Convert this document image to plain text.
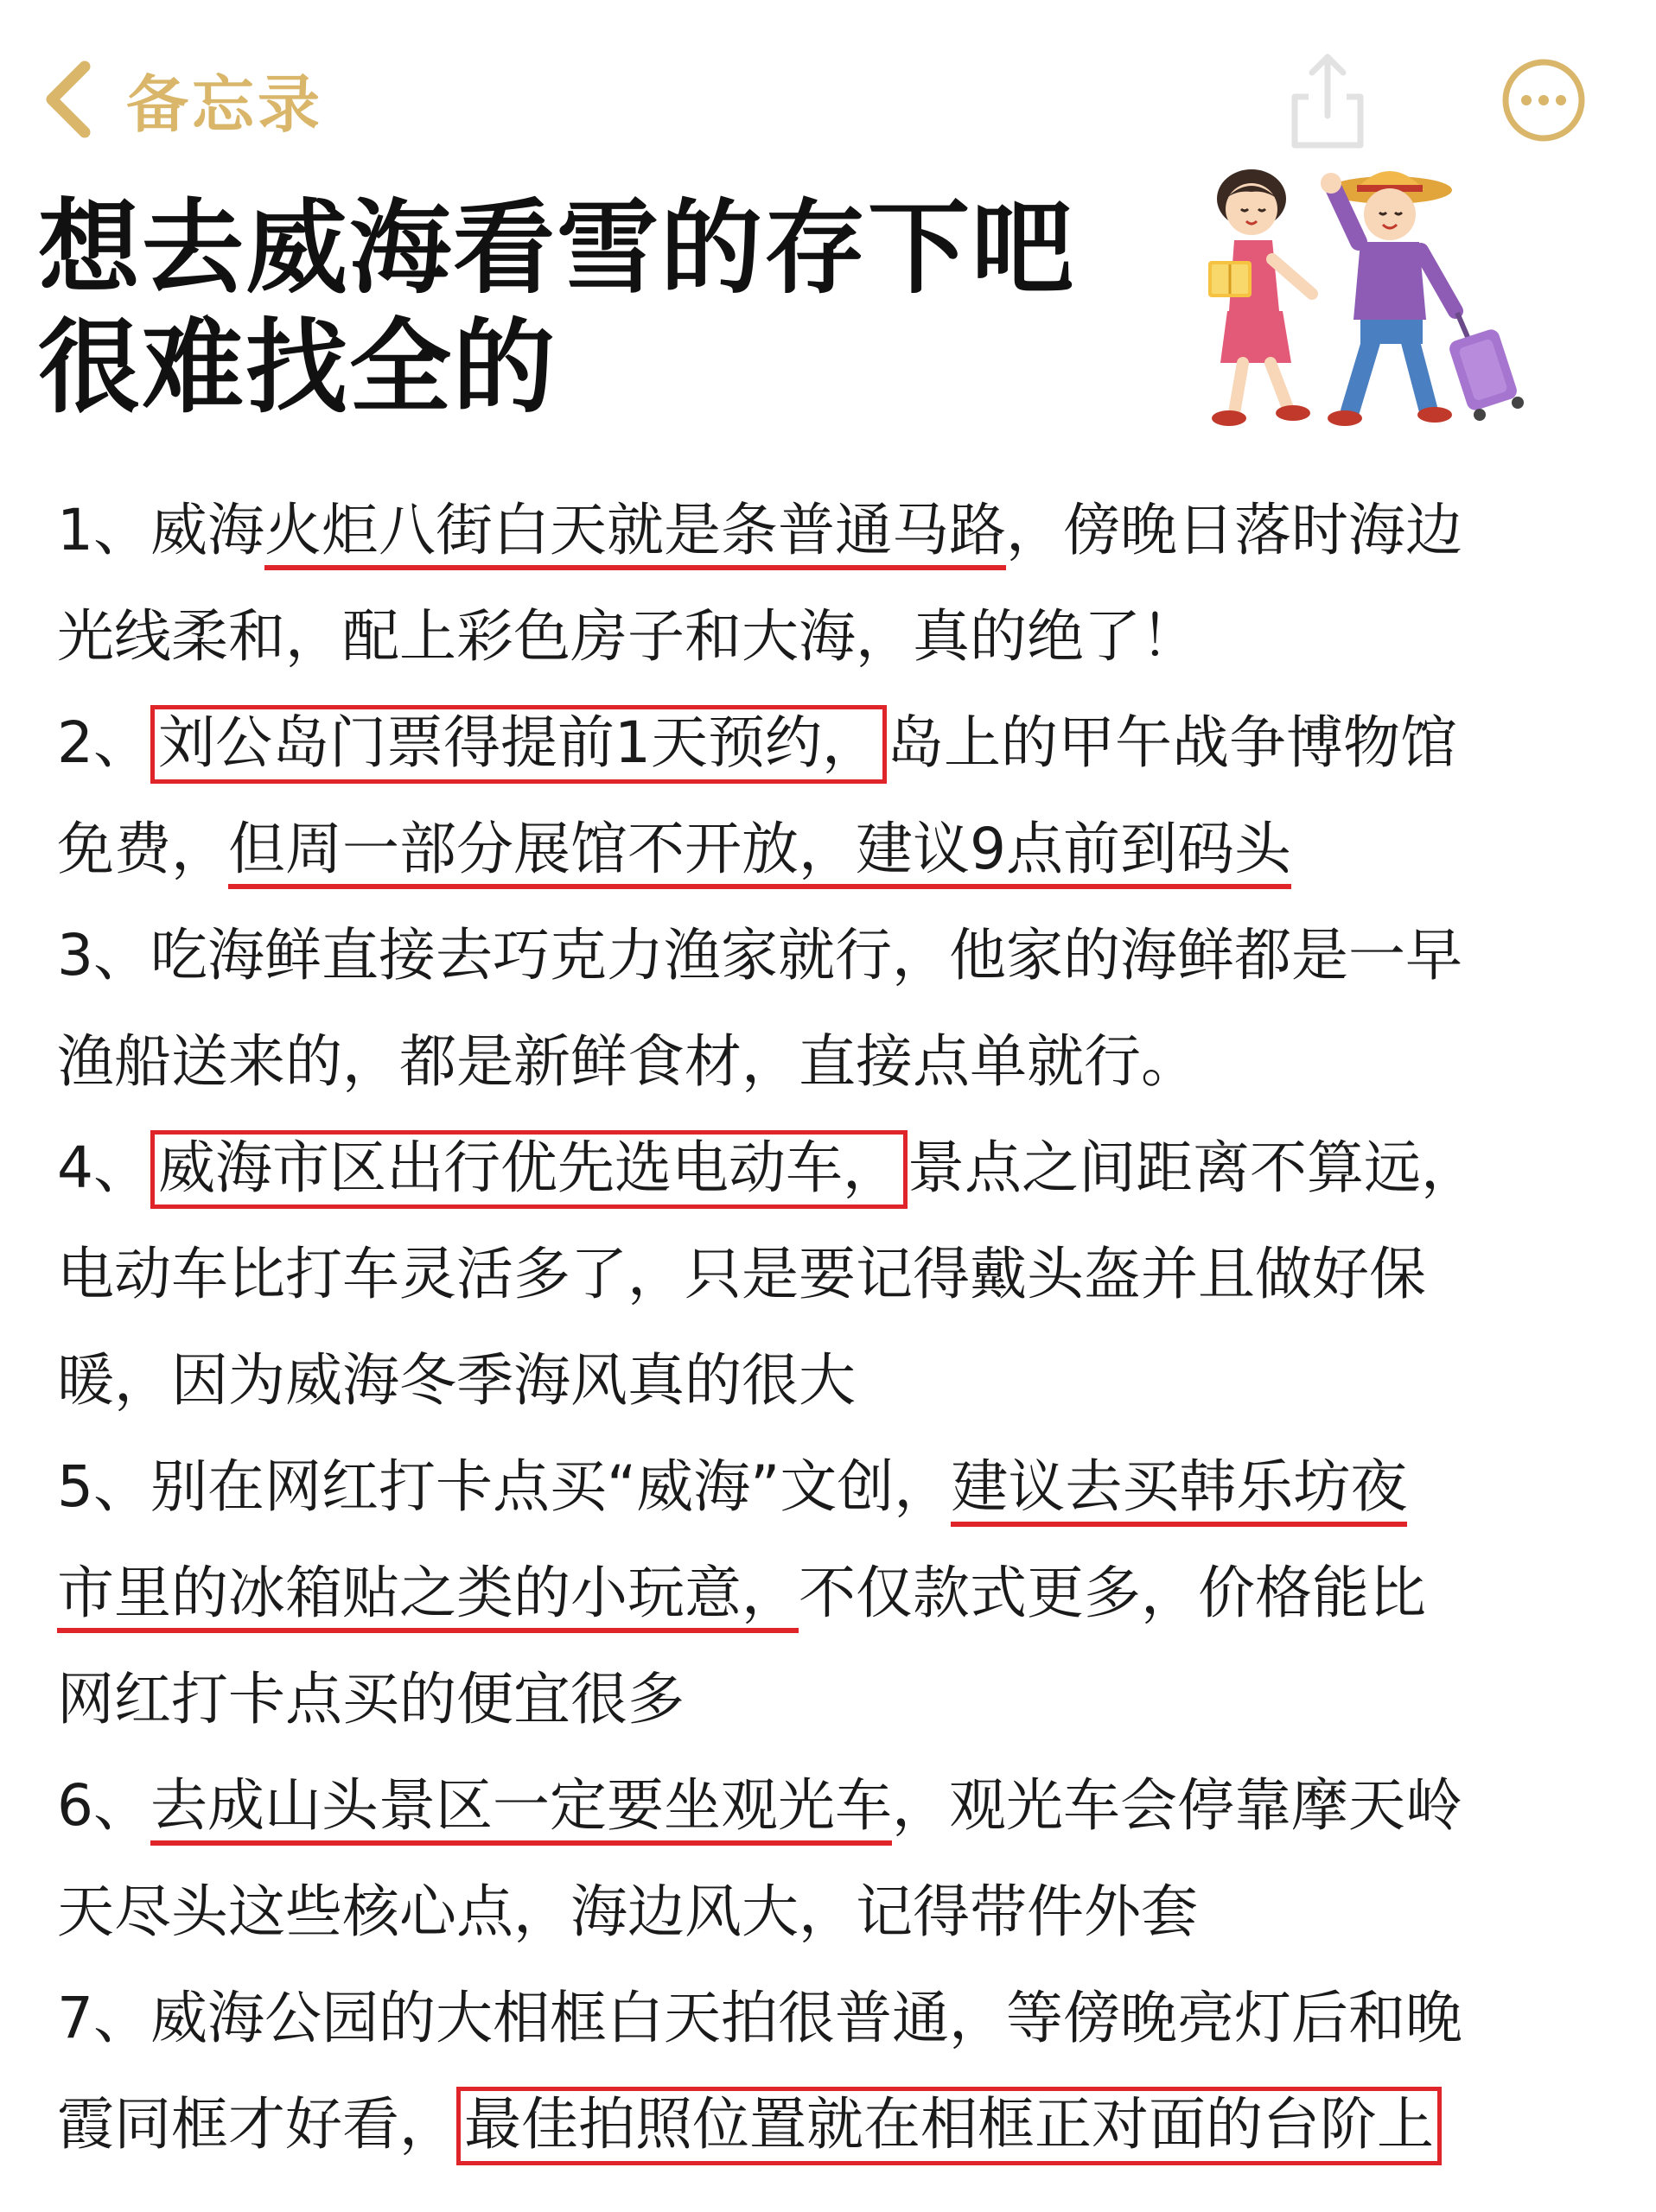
备忘录
想去威海看雪的存下吧
很难找全的
1、威海火炬八街白天就是条普通马路，傍晚日落时海边
光线柔和，配上彩色房子和大海，真的绝了！
2、 刘公岛门票得提前1天预约， 岛上的甲午战争博物馆
免费，但周一部分展馆不开放，建议9点前到码头
3、吃海鲜直接去巧克力渔家就行，他家的海鲜都是一早
渔船送来的，都是新鲜食材，直接点单就行。
4、 威海市区出行优先选电动车， 景点之间距离不算远，
电动车比打车灵活多了，只是要记得戴头盔并且做好保
暖，因为威海冬季海风真的很大
5、别在网红打卡点买“威海”文创，建议去买韩乐坊夜
市里的冰箱贴之类的小玩意，不仅款式更多，价格能比
网红打卡点买的便宜很多
6、去成山头景区一定要坐观光车，观光车会停靠摩天岭
天尽头这些核心点，海边风大，记得带件外套
7、威海公园的大相框白天拍很普通，等傍晚亮灯后和晚
霞同框才好看， 最佳拍照位置就在相框正对面的台阶上
